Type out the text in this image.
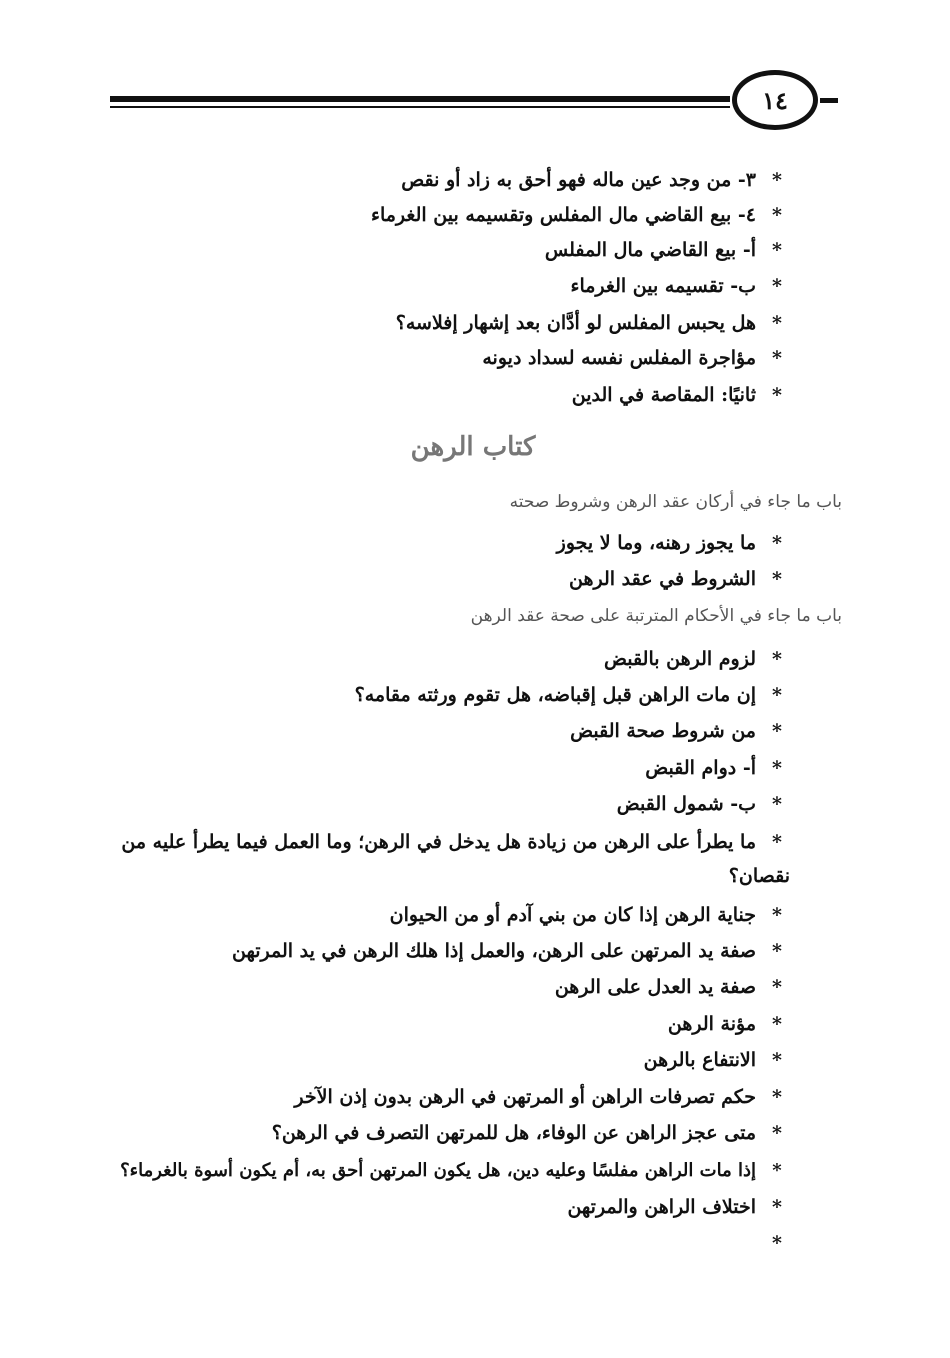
١٤
*٣- من وجد عين ماله فهو أحق به زاد أو نقص
*٤- بيع القاضي مال المفلس وتقسيمه بين الغرماء
*أ- بيع القاضي مال المفلس
*ب- تقسيمه بين الغرماء
*هل يحبس المفلس لو أدَّان بعد إشهار إفلاسه؟
*مؤاجرة المفلس نفسه لسداد ديونه
*ثانيًا: المقاصة في الدين
كتاب الرهن
باب ما جاء في أركان عقد الرهن وشروط صحته
*ما يجوز رهنه، وما لا يجوز
*الشروط في عقد الرهن
باب ما جاء في الأحكام المترتبة على صحة عقد الرهن
*لزوم الرهن بالقبض
*إن مات الراهن قبل إقباضه، هل تقوم ورثته مقامه؟
*من شروط صحة القبض
*أ- دوام القبض
*ب- شمول القبض
*ما يطرأ على الرهن من زيادة هل يدخل في الرهن؛ وما العمل فيما يطرأ عليه من نقصان؟
*جناية الرهن إذا كان من بني آدم أو من الحيوان
*صفة يد المرتهن على الرهن، والعمل إذا هلك الرهن في يد المرتهن
*صفة يد العدل على الرهن
*مؤنة الرهن
*الانتفاع بالرهن
*حكم تصرفات الراهن أو المرتهن في الرهن بدون إذن الآخر
*متى عجز الراهن عن الوفاء، هل للمرتهن التصرف في الرهن؟
*إذا مات الراهن مفلسًا وعليه دين، هل يكون المرتهن أحق به، أم يكون أسوة بالغرماء؟
*اختلاف الراهن والمرتهن
*
